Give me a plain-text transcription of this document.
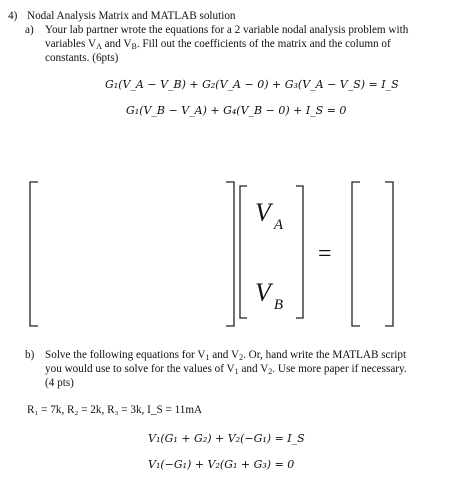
4) Nodal Analysis Matrix and MATLAB solution
a) Your lab partner wrote the equations for a 2 variable nodal analysis problem with
variables VA and VB. Fill out the coefficients of the matrix and the column of
constants. (6pts)
G₁(V_A − V_B) + G₂(V_A − 0) + G₃(V_A − V_S) = I_S
G₁(V_B − V_A) + G₄(V_B − 0) + I_S = 0
V A
V B
=
b) Solve the following equations for V1 and V2. Or, hand write the MATLAB script
you would use to solve for the values of V1 and V2. Use more paper if necessary.
(4 pts)
R₁ = 7k, R₂ = 2k, R₃ = 3k, I_S = 11mA
V₁(G₁ + G₂) + V₂(−G₁) = I_S
V₁(−G₁) + V₂(G₁ + G₃) = 0
